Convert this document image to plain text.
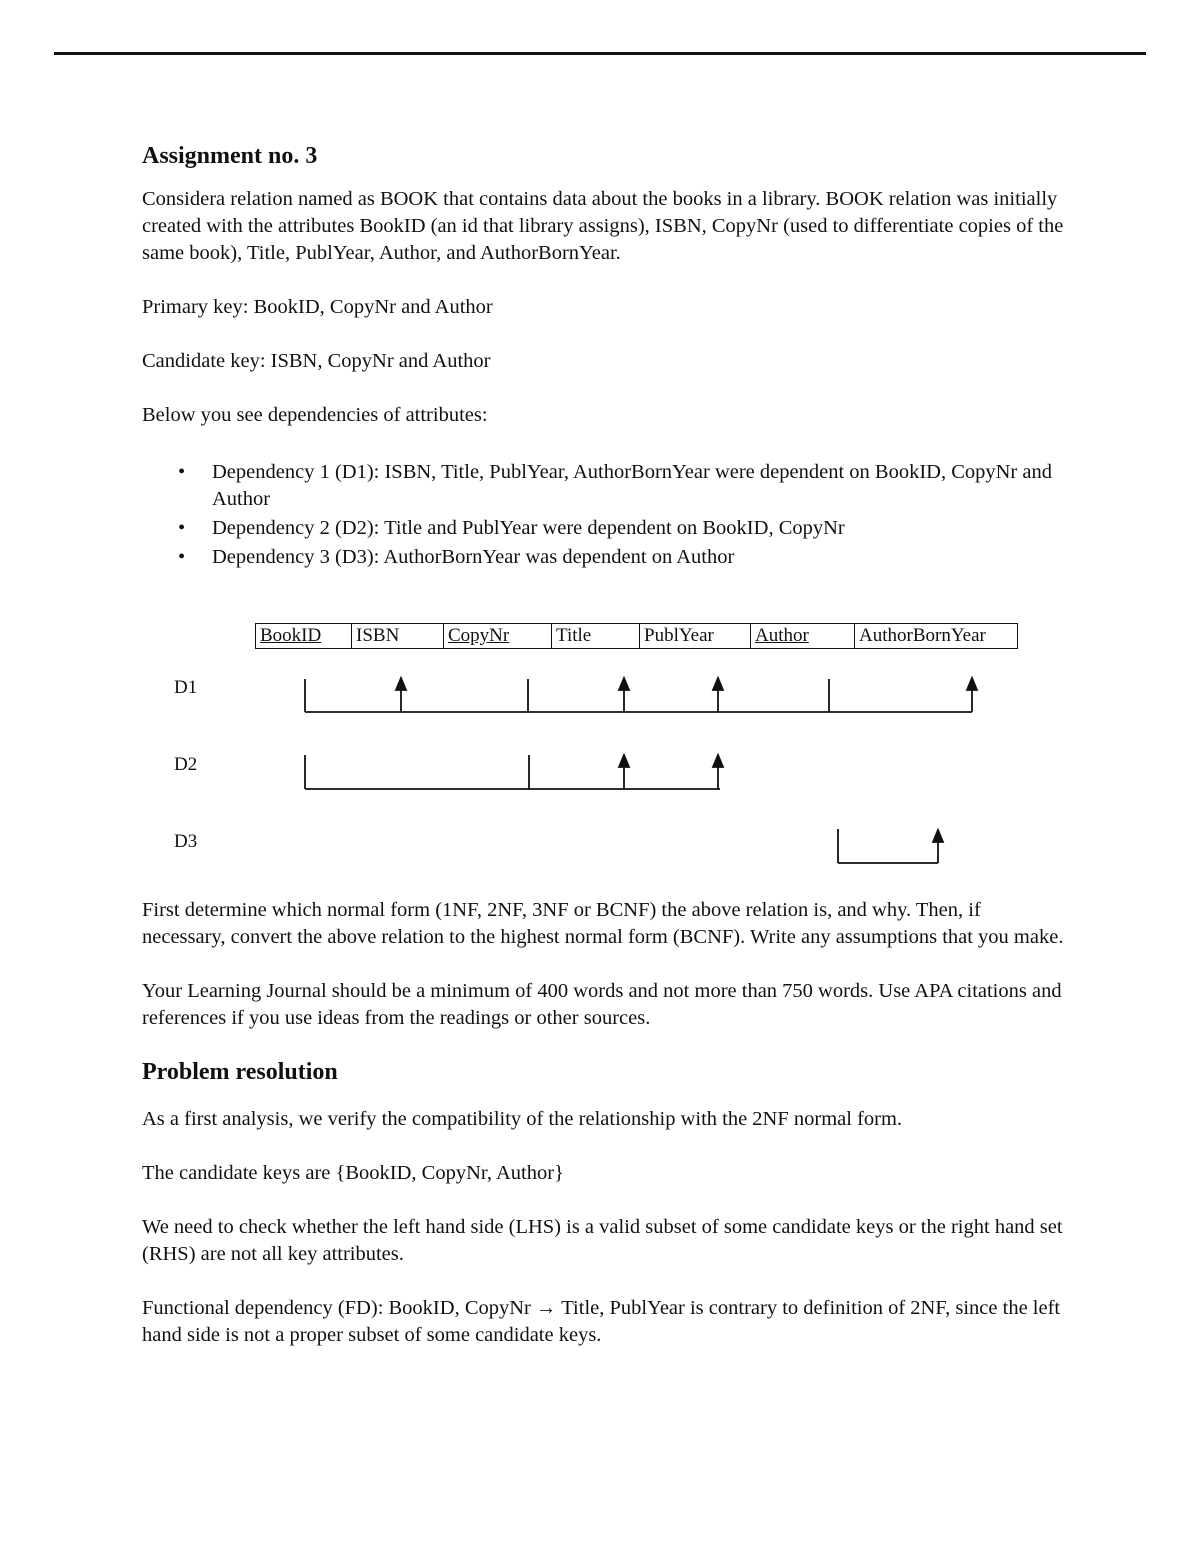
Assignment no. 3

Considera relation named as BOOK that contains data about the books in a library. BOOK relation was initially created with the attributes BookID (an id that library assigns), ISBN, CopyNr (used to differentiate copies of the same book), Title, PublYear, Author, and AuthorBornYear.

Primary key: BookID, CopyNr and Author

Candidate key: ISBN, CopyNr and Author

Below you see dependencies of attributes:

• Dependency 1 (D1): ISBN, Title, PublYear, AuthorBornYear were dependent on BookID, CopyNr and Author
• Dependency 2 (D2): Title and PublYear were dependent on BookID, CopyNr
• Dependency 3 (D3): AuthorBornYear was dependent on Author
BookID	ISBN	CopyNr	Title	PublYear	Author	AuthorBornYear
D1
D2
D3

First determine which normal form (1NF, 2NF, 3NF or BCNF) the above relation is, and why. Then, if necessary, convert the above relation to the highest normal form (BCNF). Write any assumptions that you make.

Your Learning Journal should be a minimum of 400 words and not more than 750 words. Use APA citations and references if you use ideas from the readings or other sources.

Problem resolution

As a first analysis, we verify the compatibility of the relationship with the 2NF normal form.

The candidate keys are {BookID, CopyNr, Author}

We need to check whether the left hand side (LHS) is a valid subset of some candidate keys or the right hand set (RHS) are not all key attributes.

Functional dependency (FD): BookID, CopyNr → Title, PublYear is contrary to definition of 2NF, since the left hand side is not a proper subset of some candidate keys.
